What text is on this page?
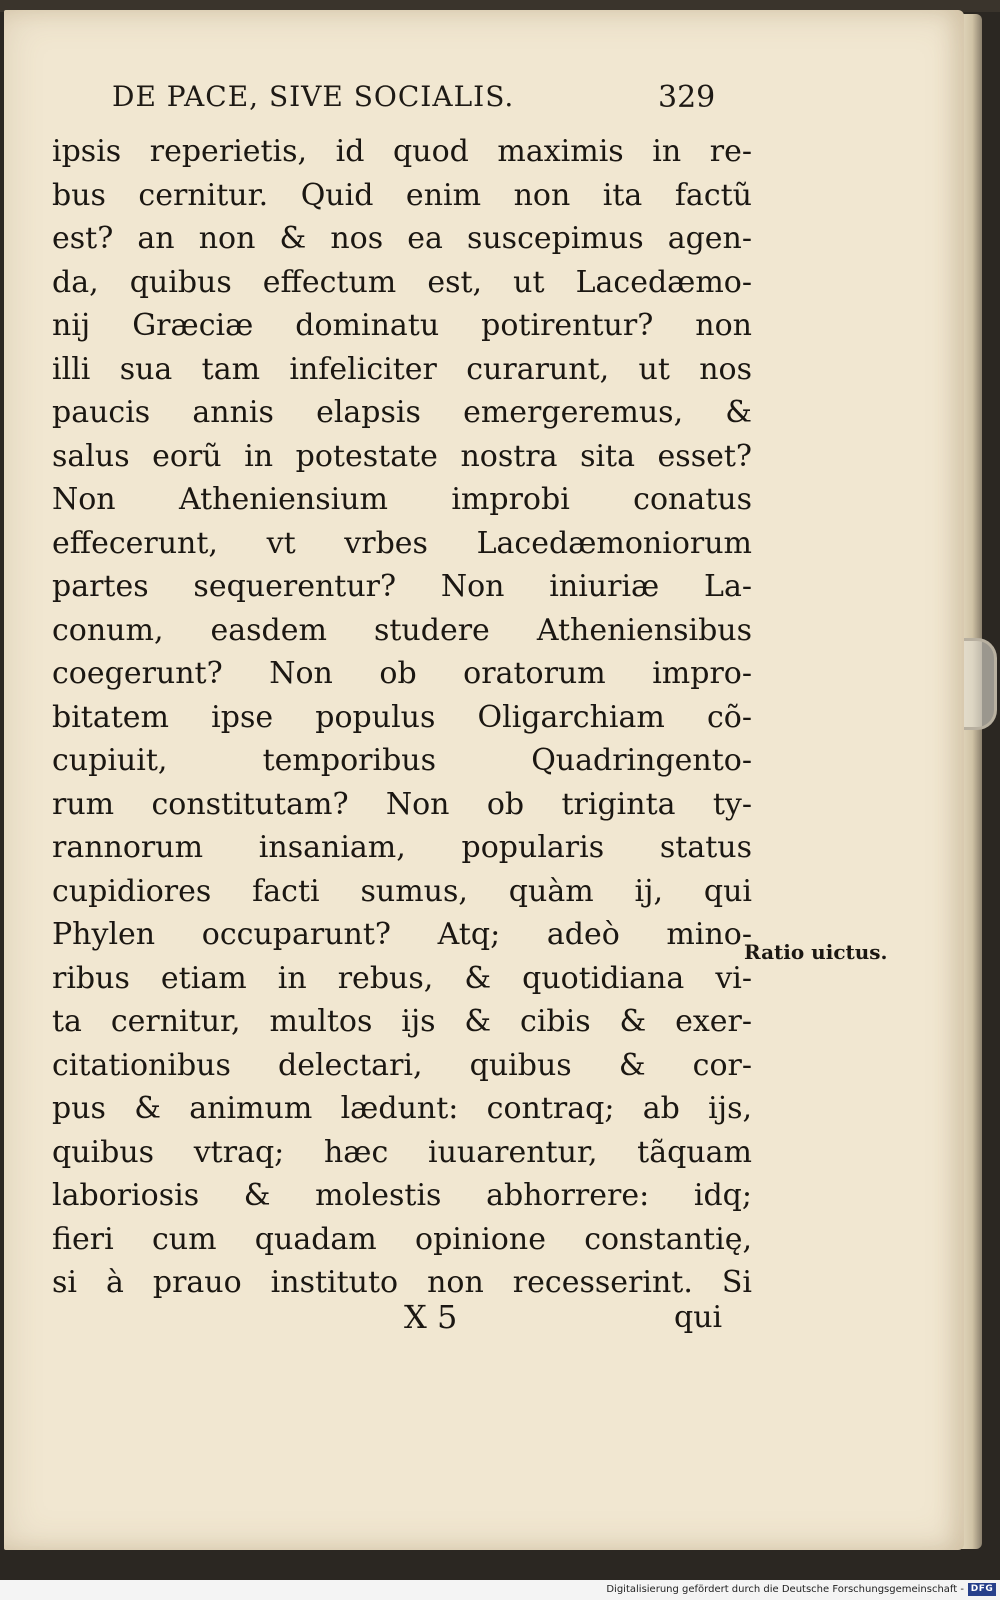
DE PACE, SIVE SOCIALIS.	329
ipsis reperietis, id quod maximis in re-
bus cernitur. Quid enim non ita factũ
est? an non & nos ea suscepimus agen-
da, quibus effectum est, ut Lacedæmo-
nij Græciæ dominatu potirentur? non
illi sua tam infeliciter curarunt, ut nos
paucis annis elapsis emergeremus, &
salus eorũ in potestate nostra sita esset?
Non Atheniensium improbi conatus
effecerunt, vt vrbes Lacedæmoniorum
partes sequerentur? Non iniuriæ La-
conum, easdem studere Atheniensibus
coegerunt? Non ob oratorum impro-
bitatem ipse populus Oligarchiam cõ-
cupiuit, temporibus Quadringento-
rum constitutam? Non ob triginta ty-
rannorum insaniam, popularis status
cupidiores facti sumus, quàm ij, qui
Phylen occuparunt? Atq; adeò mino-
ribus etiam in rebus, & quotidiana vi-
ta cernitur, multos ijs & cibis & exer-
citationibus delectari, quibus & cor-
pus & animum lædunt: contraq; ab ijs,
quibus vtraq; hæc iuuarentur, tãquam
laboriosis & molestis abhorrere: idq;
fieri cum quadam opinione constantię,
si à prauo instituto non recesserint. Si
Ratio uictus.
X 5	qui
Digitalisierung gefördert durch die Deutsche Forschungsgemeinschaft - DFG
